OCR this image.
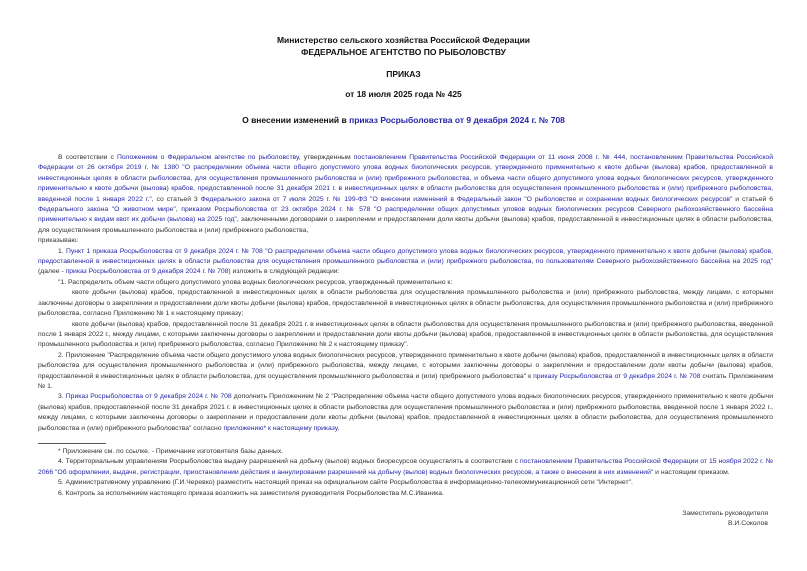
Министерство сельского хозяйства Российской Федерации
ФЕДЕРАЛЬНОЕ АГЕНТСТВО ПО РЫБОЛОВСТВУ
ПРИКАЗ
от 18 июля 2025 года № 425
О внесении изменений в приказ Росрыболовства от 9 декабря 2024 г. № 708

В соответствии с Положением о Федеральном агентстве по рыболовству, утвержденным постановлением Правительства Российской Федерации от 11 июня 2008 г. № 444, постановлением Правительства Российской Федерации от 26 октября 2019 г. № 1380 "О распределении объема части общего допустимого улова водных биологических ресурсов, утвержденного применительно к квоте добычи (вылова) крабов, предоставленной в инвестиционных целях в области рыболовства, для осуществления промышленного рыболовства и (или) прибрежного рыболовства, и объема части общего допустимого улова водных биологических ресурсов, утвержденного применительно к квоте добычи (вылова) крабов, предоставленной после 31 декабря 2021 г. в инвестиционных целях в области рыболовства для осуществления промышленного рыболовства и (или) прибрежного рыболовства, введенной после 1 января 2022 г.", со статьей 3 Федерального закона от 7 июля 2025 г. № 199-ФЗ "О внесении изменений в Федеральный закон "О рыболовстве и сохранении водных биологических ресурсов" и статьей 6 Федерального закона "О животном мире", приказом Росрыболовства от 23 октября 2024 г. № 578 "О распределении общих допустимых уловов водных биологических ресурсов Северного рыбохозяйственного бассейна применительно к видам квот их добычи (вылова) на 2025 год", заключенными договорами о закреплении и предоставлении доли квоты добычи (вылова) крабов, предоставленной в инвестиционных целях в области рыболовства, для осуществления промышленного рыболовства и (или) прибрежного рыболовства,

приказываю:

1. Пункт 1 приказа Росрыболовства от 9 декабря 2024 г. № 708 "О распределении объема части общего допустимого улова водных биологических ресурсов, утвержденного применительно к квоте добычи (вылова) крабов, предоставленной в инвестиционных целях в области рыболовства для осуществления промышленного рыболовства и (или) прибрежного рыболовства, по пользователям Северного рыбохозяйственного бассейна на 2025 год" (далее - приказ Росрыболовства от 9 декабря 2024 г. № 708) изложить в следующей редакции:

"1. Распределить объем части общего допустимого улова водных биологических ресурсов, утвержденный применительно к:

квоте добычи (вылова) крабов, предоставленной в инвестиционных целях в области рыболовства для осуществления промышленного рыболовства и (или) прибрежного рыболовства, между лицами, с которыми заключены договоры о закреплении и предоставлении доли квоты добычи (вылова) крабов, предоставленной в инвестиционных целях в области рыболовства, для осуществления промышленного рыболовства и (или) прибрежного рыболовства, согласно Приложению № 1 к настоящему приказу;

квоте добычи (вылова) крабов, предоставленной после 31 декабря 2021 г. в инвестиционных целях в области рыболовства для осуществления промышленного рыболовства и (или) прибрежного рыболовства, введенной после 1 января 2022 г., между лицами, с которыми заключены договоры о закреплении и предоставлении доли квоты добычи (вылова) крабов, предоставленной в инвестиционных целях в области рыболовства, для осуществления промышленного рыболовства и (или) прибрежного рыболовства, согласно Приложению № 2 к настоящему приказу".

2. Приложение "Распределение объема части общего допустимого улова водных биологических ресурсов, утвержденного применительно к квоте добычи (вылова) крабов, предоставленной в инвестиционных целях в области рыболовства для осуществления промышленного рыболовства и (или) прибрежного рыболовства, между лицами, с которыми заключены договоры о закреплении и предоставлении доли квоты добычи (вылова) крабов, предоставленной в инвестиционных целях в области рыболовства, для осуществления промышленного рыболовства и (или) прибрежного рыболовства" к приказу Росрыболовства от 9 декабря 2024 г. № 708 считать Приложением № 1.

3. Приказ Росрыболовства от 9 декабря 2024 г. № 708 дополнить Приложением № 2 "Распределение объема части общего допустимого улова водных биологических ресурсов, утвержденного применительно к квоте добычи (вылова) крабов, предоставленной после 31 декабря 2021 г. в инвестиционных целях в области рыболовства для осуществления промышленного рыболовства и (или) прибрежного рыболовства, введенной после 1 января 2022 г., между лицами, с которыми заключены договоры о закреплении и предоставлении доли квоты добычи (вылова) крабов, предоставленной в инвестиционных целях в области рыболовства, для осуществления промышленного рыболовства и (или) прибрежного рыболовства" согласно приложению* к настоящему приказу.

* Приложение см. по ссылке. - Примечание изготовителя базы данных.

4. Территориальным управлениям Росрыболовства выдачу разрешений на добычу (вылов) водных биоресурсов осуществлять в соответствии с постановлением Правительства Российской Федерации от 15 ноября 2022 г. № 2066 "Об оформлении, выдаче, регистрации, приостановлении действия и аннулировании разрешений на добычу (вылов) водных биологических ресурсов, а также о внесении в них изменений" и настоящим приказом.

5. Административному управлению (Г.И.Черевко) разместить настоящий приказ на официальном сайте Росрыболовства в информационно-телекоммуникационной сети "Интернет".

6. Контроль за исполнением настоящего приказа возложить на заместителя руководителя Росрыболовства М.С.Иваника.

Заместитель руководителя
В.И.Соколов
